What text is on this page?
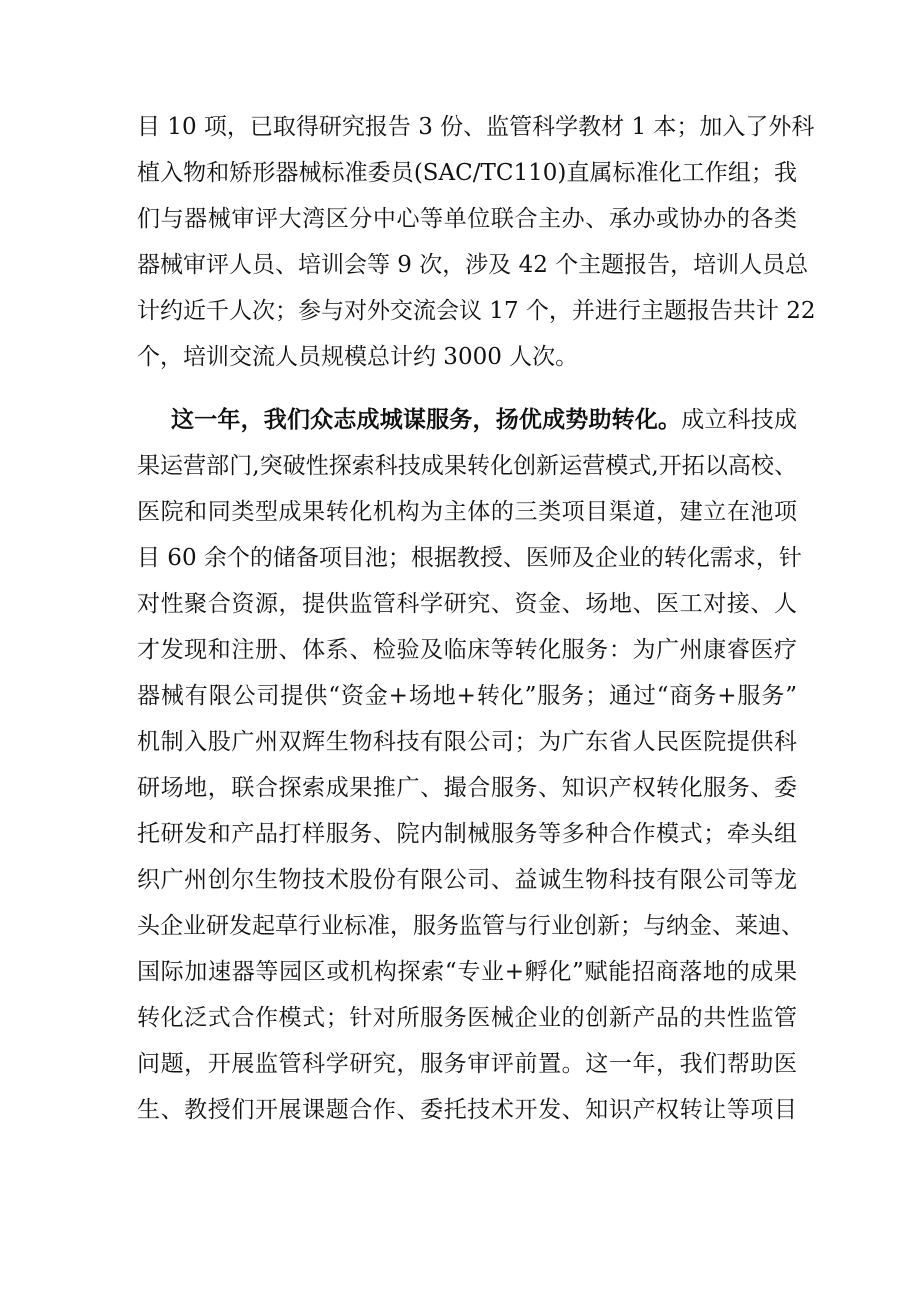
目 10 项，已取得研究报告 3 份、监管科学教材 1 本；加入了外科
植入物和矫形器械标准委员(SAC/TC110)直属标准化工作组；我
们与器械审评大湾区分中心等单位联合主办、承办或协办的各类
器械审评人员、培训会等 9 次，涉及 42 个主题报告，培训人员总
计约近千人次；参与对外交流会议 17 个，并进行主题报告共计 22
个，培训交流人员规模总计约 3000 人次。
这一年，我们众志成城谋服务，扬优成势助转化。成立科技成
果运营部门,突破性探索科技成果转化创新运营模式,开拓以高校、
医院和同类型成果转化机构为主体的三类项目渠道，建立在池项
目 60 余个的储备项目池；根据教授、医师及企业的转化需求，针
对性聚合资源，提供监管科学研究、资金、场地、医工对接、人
才发现和注册、体系、检验及临床等转化服务：为广州康睿医疗
器械有限公司提供“资金+场地+转化”服务；通过“商务+服务”
机制入股广州双辉生物科技有限公司；为广东省人民医院提供科
研场地，联合探索成果推广、撮合服务、知识产权转化服务、委
托研发和产品打样服务、院内制械服务等多种合作模式；牵头组
织广州创尔生物技术股份有限公司、益诚生物科技有限公司等龙
头企业研发起草行业标准，服务监管与行业创新；与纳金、莱迪、
国际加速器等园区或机构探索“专业+孵化”赋能招商落地的成果
转化泛式合作模式；针对所服务医械企业的创新产品的共性监管
问题，开展监管科学研究，服务审评前置。这一年，我们帮助医
生、教授们开展课题合作、委托技术开发、知识产权转让等项目
